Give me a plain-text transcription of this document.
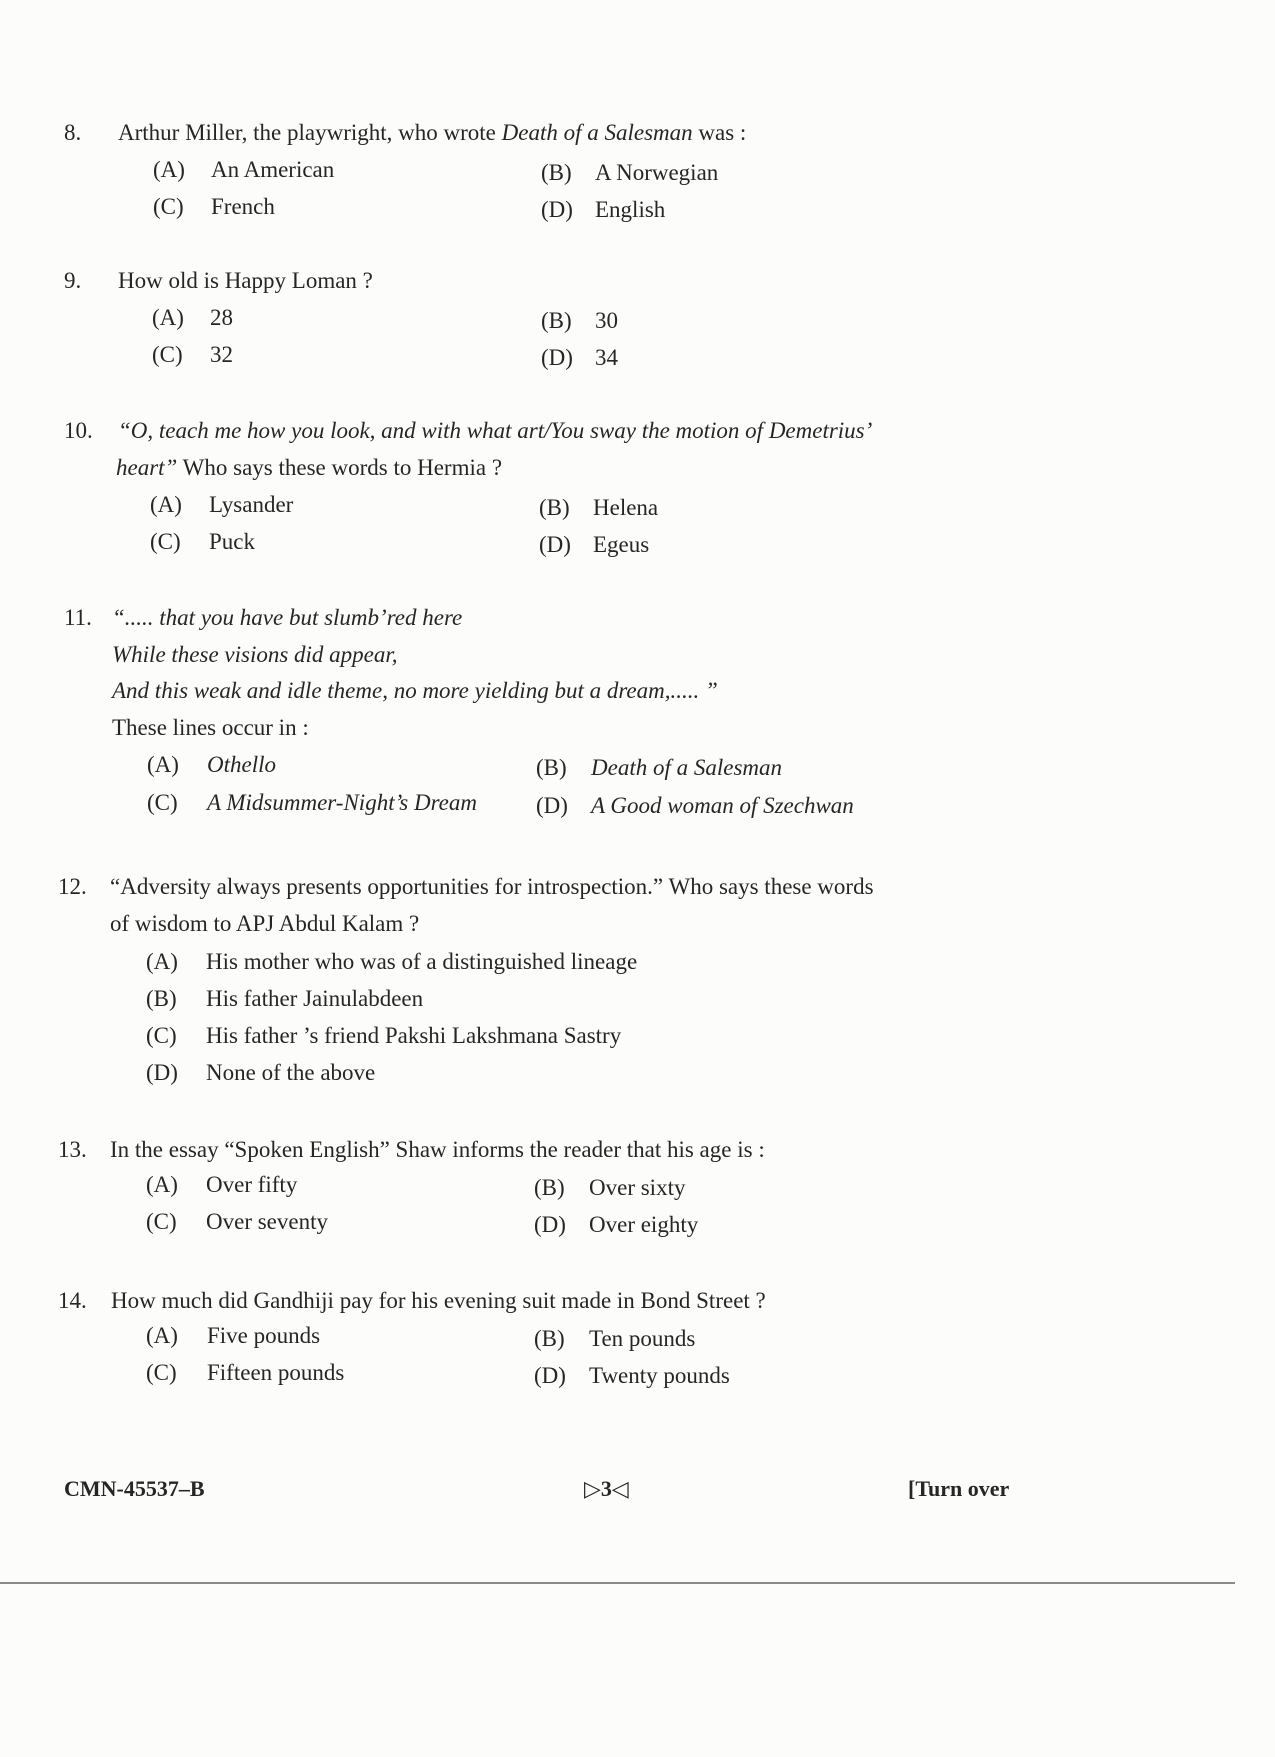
8. Arthur Miller, the playwright, who wrote Death of a Salesman was :
(A) An American	(B) A Norwegian
(C) French	(D) English
9. How old is Happy Loman ?
(A) 28	(B) 30
(C) 32	(D) 34
10. “O, teach me how you look, and with what art/You sway the motion of Demetrius’
heart” Who says these words to Hermia ?
(A) Lysander	(B) Helena
(C) Puck	(D) Egeus
11. “..... that you have but slumb’red here
While these visions did appear,
And this weak and idle theme, no more yielding but a dream,..... ”
These lines occur in :
(A) Othello	(B) Death of a Salesman
(C) A Midsummer-Night’s Dream	(D) A Good woman of Szechwan
12. “Adversity always presents opportunities for introspection.” Who says these words
of wisdom to APJ Abdul Kalam ?
(A) His mother who was of a distinguished lineage
(B) His father Jainulabdeen
(C) His father ’s friend Pakshi Lakshmana Sastry
(D) None of the above
13. In the essay “Spoken English” Shaw informs the reader that his age is :
(A) Over fifty	(B) Over sixty
(C) Over seventy	(D) Over eighty
14. How much did Gandhiji pay for his evening suit made in Bond Street ?
(A) Five pounds	(B) Ten pounds
(C) Fifteen pounds	(D) Twenty pounds
CMN-45537–B	▷3◁	[Turn over
